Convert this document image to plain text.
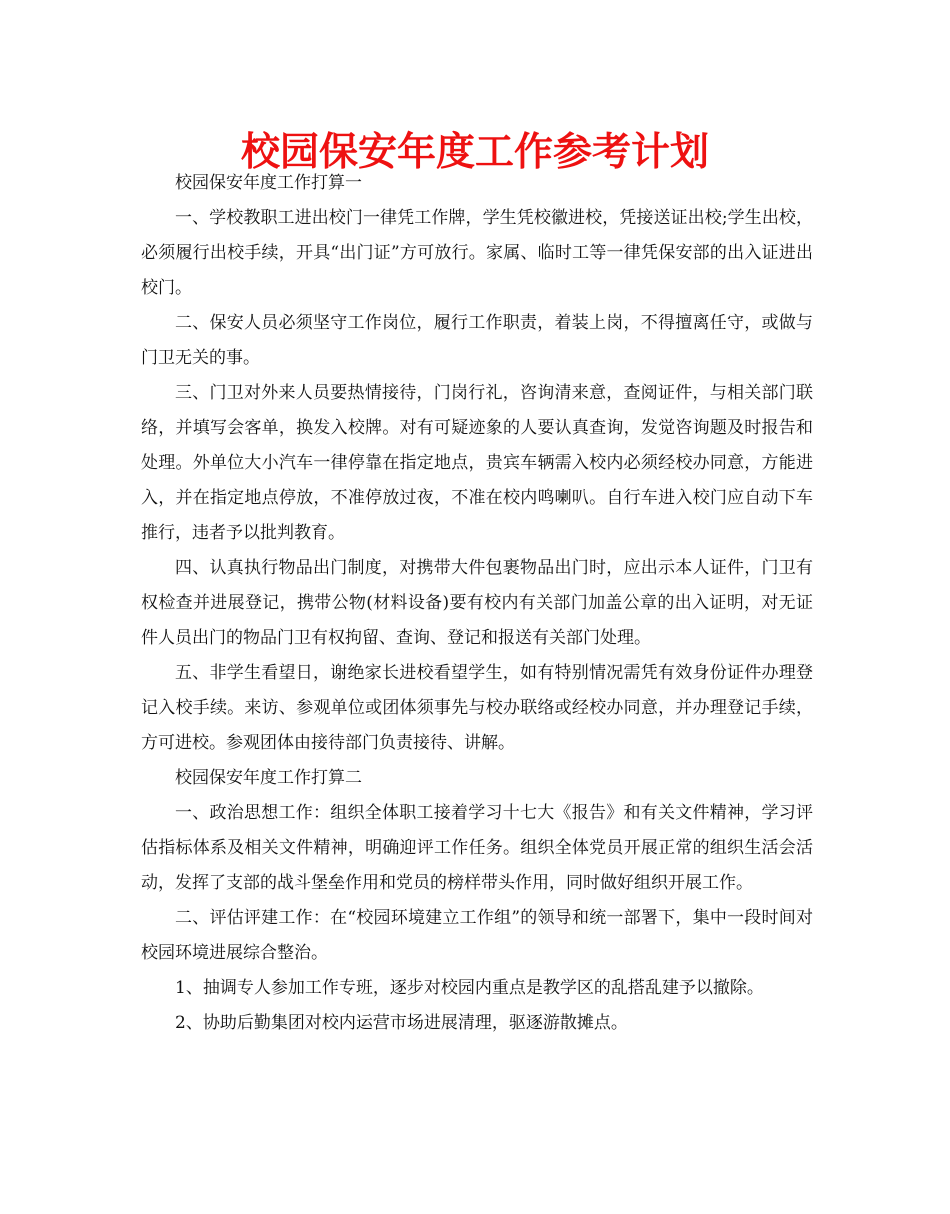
校园保安年度工作参考计划

校园保安年度工作打算一

一、学校教职工进出校门一律凭工作牌，学生凭校徽进校，凭接送证出校;学生出校，必须履行出校手续，开具“出门证”方可放行。家属、临时工等一律凭保安部的出入证进出校门。

二、保安人员必须坚守工作岗位，履行工作职责，着装上岗，不得擅离任守，或做与门卫无关的事。

三、门卫对外来人员要热情接待，门岗行礼，咨询清来意，查阅证件，与相关部门联络，并填写会客单，换发入校牌。对有可疑迹象的人要认真查询，发觉咨询题及时报告和处理。外单位大小汽车一律停靠在指定地点，贵宾车辆需入校内必须经校办同意，方能进入，并在指定地点停放，不准停放过夜，不准在校内鸣喇叭。自行车进入校门应自动下车推行，违者予以批判教育。

四、认真执行物品出门制度，对携带大件包裹物品出门时，应出示本人证件，门卫有权检查并进展登记，携带公物(材料设备)要有校内有关部门加盖公章的出入证明，对无证件人员出门的物品门卫有权拘留、查询、登记和报送有关部门处理。

五、非学生看望日，谢绝家长进校看望学生，如有特别情况需凭有效身份证件办理登记入校手续。来访、参观单位或团体须事先与校办联络或经校办同意，并办理登记手续，方可进校。参观团体由接待部门负责接待、讲解。

校园保安年度工作打算二

一、政治思想工作：组织全体职工接着学习十七大《报告》和有关文件精神，学习评估指标体系及相关文件精神，明确迎评工作任务。组织全体党员开展正常的组织生活会活动，发挥了支部的战斗堡垒作用和党员的榜样带头作用，同时做好组织开展工作。

二、评估评建工作：在“校园环境建立工作组”的领导和统一部署下，集中一段时间对校园环境进展综合整治。

1、抽调专人参加工作专班，逐步对校园内重点是教学区的乱搭乱建予以撤除。

2、协助后勤集团对校内运营市场进展清理，驱逐游散摊点。
